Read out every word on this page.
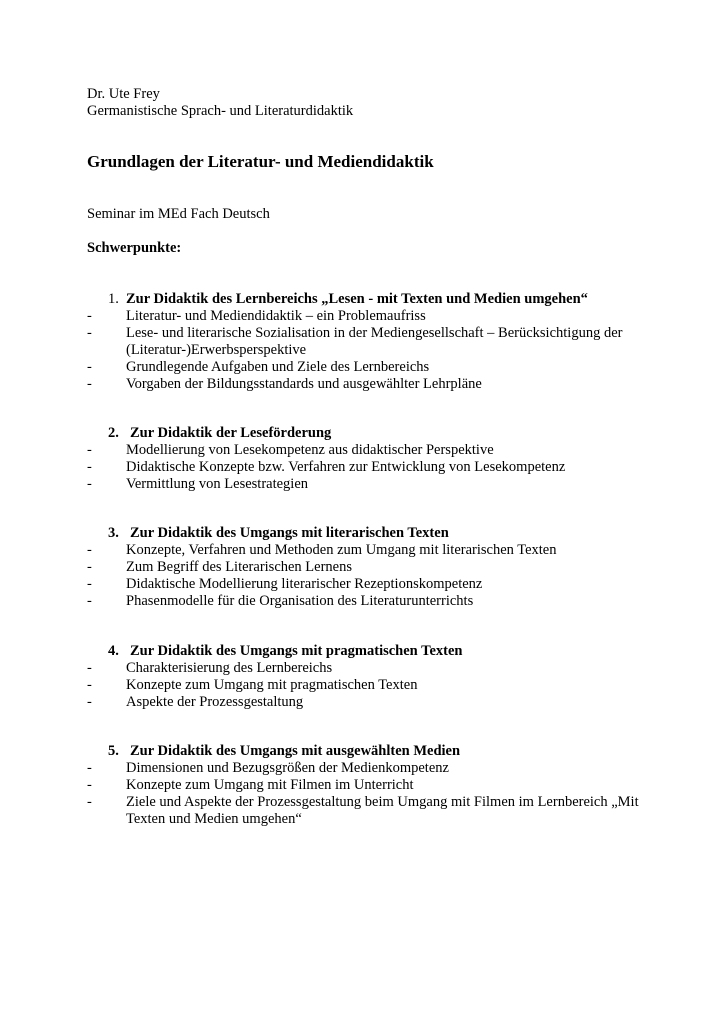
Dr. Ute Frey
Germanistische Sprach- und Literaturdidaktik
Grundlagen der Literatur- und Mediendidaktik
Seminar im MEd Fach Deutsch
Schwerpunkte:
1. Zur Didaktik des Lernbereichs „Lesen - mit Texten und Medien umgehen“
- Literatur- und Mediendidaktik – ein Problemaufriss
- Lese- und literarische Sozialisation in der Mediengesellschaft – Berücksichtigung der (Literatur-)Erwerbsperspektive
- Grundlegende Aufgaben und Ziele des Lernbereichs
- Vorgaben der Bildungsstandards und ausgewählter Lehrpläne
2. Zur Didaktik der Leseförderung
- Modellierung von Lesekompetenz aus didaktischer Perspektive
- Didaktische Konzepte bzw. Verfahren zur Entwicklung von Lesekompetenz
- Vermittlung von Lesestrategien
3. Zur Didaktik des Umgangs mit literarischen Texten
- Konzepte, Verfahren und Methoden zum Umgang mit literarischen Texten
- Zum Begriff des Literarischen Lernens
- Didaktische Modellierung literarischer Rezeptionskompetenz
- Phasenmodelle für die Organisation des Literaturunterrichts
4. Zur Didaktik des Umgangs mit pragmatischen Texten
- Charakterisierung des Lernbereichs
- Konzepte zum Umgang mit pragmatischen Texten
- Aspekte der Prozessgestaltung
5. Zur Didaktik des Umgangs mit ausgewählten Medien
- Dimensionen und Bezugsgrößen der Medienkompetenz
- Konzepte zum Umgang mit Filmen im Unterricht
- Ziele und Aspekte der Prozessgestaltung beim Umgang mit Filmen im Lernbereich „Mit Texten und Medien umgehen“
